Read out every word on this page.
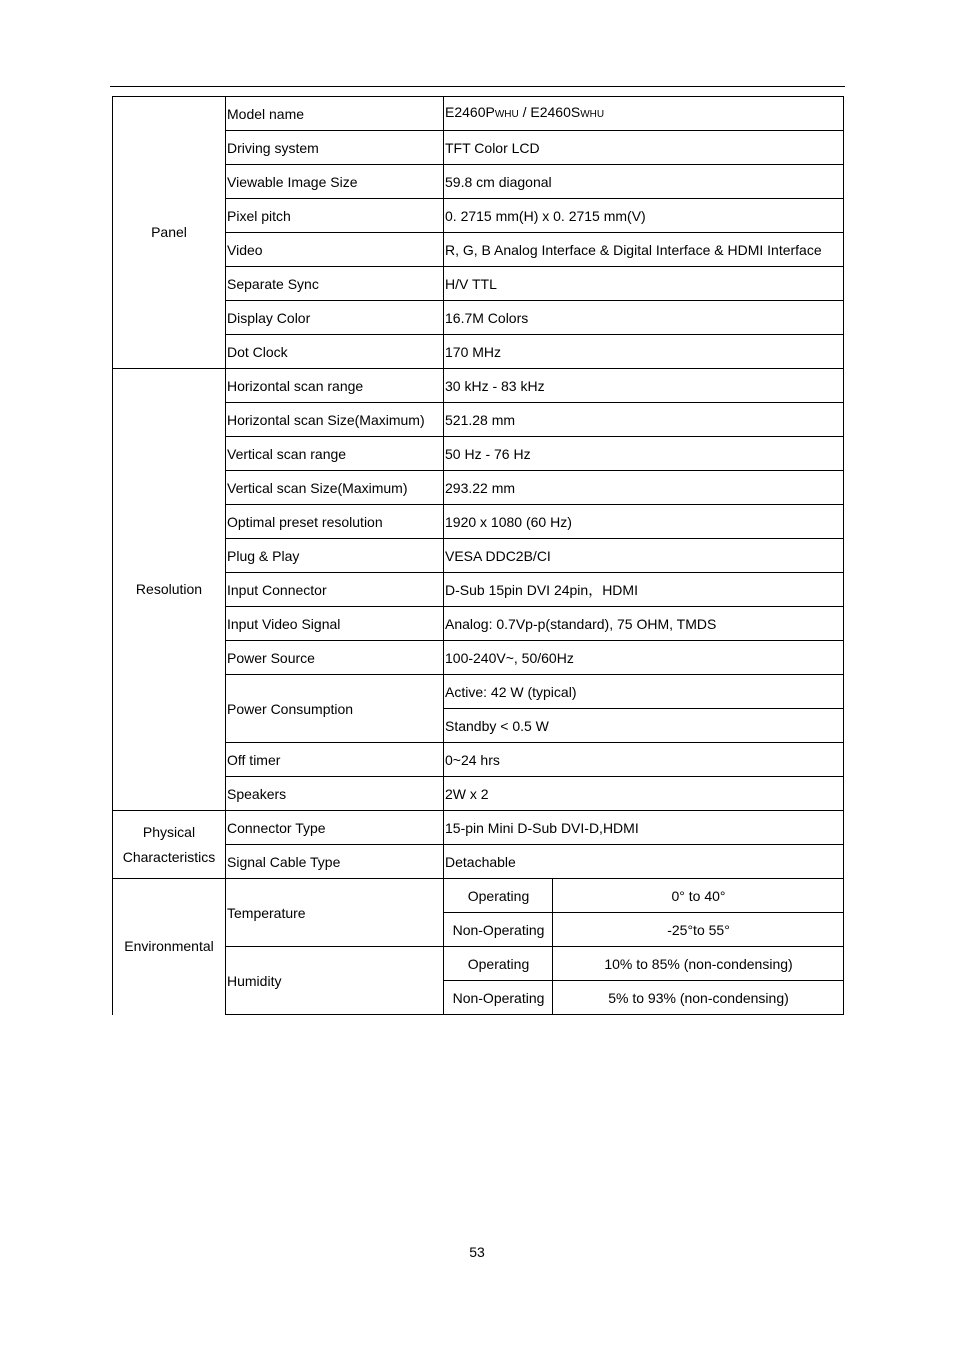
Panel	Model name	E2460PWHU / E2460SWHU	
	Driving system	TFT Color LCD	
	Viewable Image Size	59.8 cm diagonal	
	Pixel pitch	0. 2715 mm(H) x 0. 2715 mm(V)	
	Video	R, G, B Analog Interface & Digital Interface & HDMI Interface	
	Separate Sync	H/V TTL	
	Display Color	16.7M Colors	
	Dot Clock	170 MHz	
Resolution	Horizontal scan range	30 kHz - 83 kHz	
	Horizontal scan Size(Maximum)	521.28 mm	
	Vertical scan range	50 Hz - 76 Hz	
	Vertical scan Size(Maximum)	293.22 mm	
	Optimal preset resolution	1920 x 1080 (60 Hz)	
	Plug & Play	VESA DDC2B/CI	
	Input Connector	D-Sub 15pin DVI 24pin，HDMI	
	Input Video Signal	Analog: 0.7Vp-p(standard), 75 OHM, TMDS	
	Power Source	100-240V~, 50/60Hz	
	Power Consumption	Active: 42 W (typical)	
		Standby < 0.5 W	
	Off timer	0~24 hrs	
	Speakers	2W x 2	
Physical
Characteristics	Connector Type	15-pin Mini D-Sub DVI-D,HDMI	
	Signal Cable Type	Detachable	
Environmental	Temperature	Operating	0° to 40°
		Non-Operating	-25°to 55°
	Humidity	Operating	10% to 85% (non-condensing)
		Non-Operating	5% to 93% (non-condensing)
53
